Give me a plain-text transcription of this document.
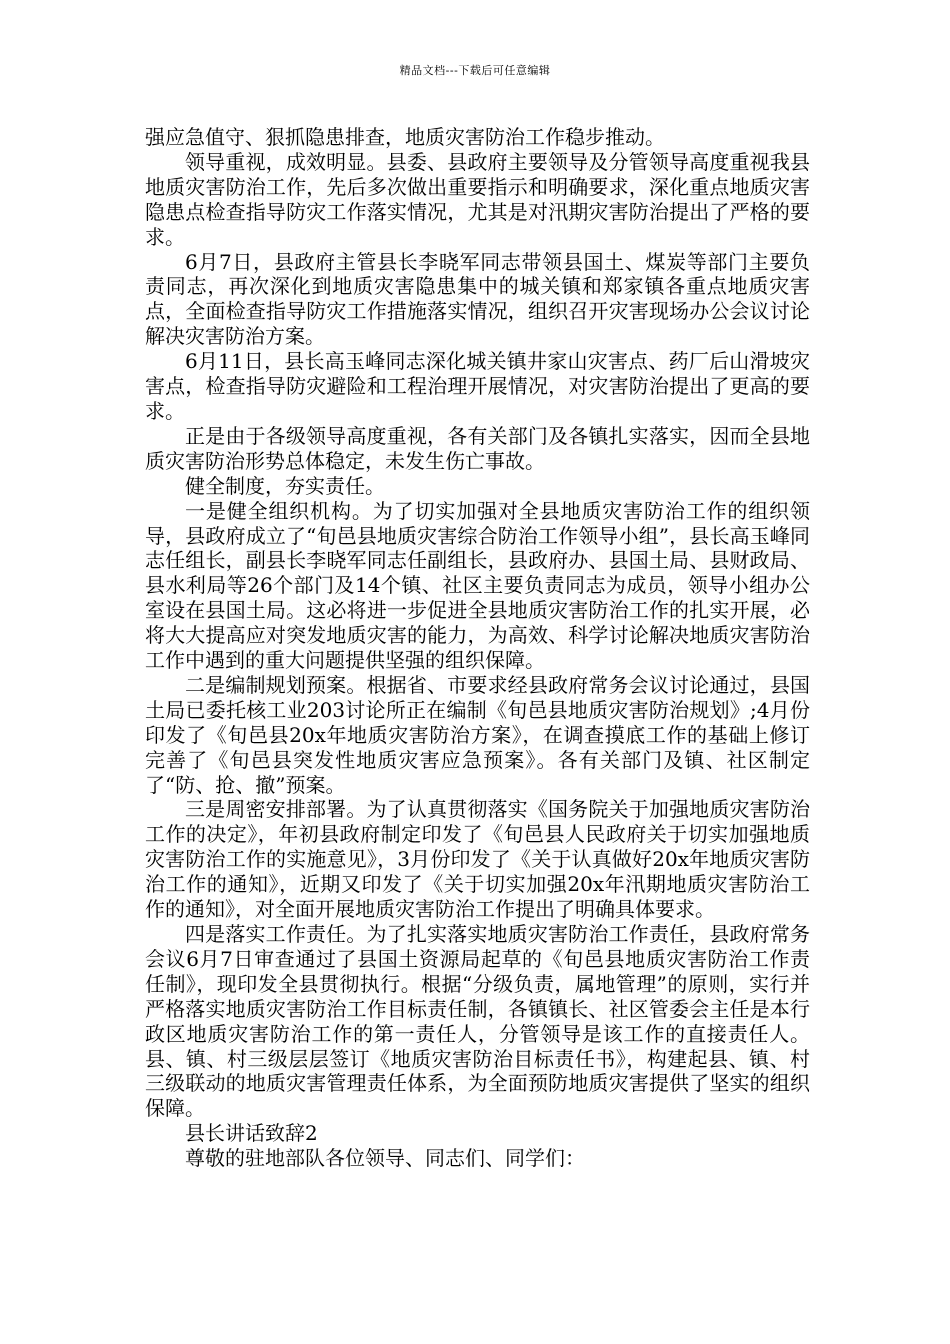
精品文档---下载后可任意编辑

强应急值守、狠抓隐患排查，地质灾害防治工作稳步推动。

领导重视，成效明显。县委、县政府主要领导及分管领导高度重视我县地质灾害防治工作，先后多次做出重要指示和明确要求，深化重点地质灾害隐患点检查指导防灾工作落实情况，尤其是对汛期灾害防治提出了严格的要求。

6月7日，县政府主管县长李晓军同志带领县国土、煤炭等部门主要负责同志，再次深化到地质灾害隐患集中的城关镇和郑家镇各重点地质灾害点，全面检查指导防灾工作措施落实情况，组织召开灾害现场办公会议讨论解决灾害防治方案。

6月11日，县长高玉峰同志深化城关镇井家山灾害点、药厂后山滑坡灾害点，检查指导防灾避险和工程治理开展情况，对灾害防治提出了更高的要求。

正是由于各级领导高度重视，各有关部门及各镇扎实落实，因而全县地质灾害防治形势总体稳定，未发生伤亡事故。

健全制度，夯实责任。

一是健全组织机构。为了切实加强对全县地质灾害防治工作的组织领导，县政府成立了“旬邑县地质灾害综合防治工作领导小组”，县长高玉峰同志任组长，副县长李晓军同志任副组长，县政府办、县国土局、县财政局、县水利局等26个部门及14个镇、社区主要负责同志为成员，领导小组办公室设在县国土局。这必将进一步促进全县地质灾害防治工作的扎实开展，必将大大提高应对突发地质灾害的能力，为高效、科学讨论解决地质灾害防治工作中遇到的重大问题提供坚强的组织保障。

二是编制规划预案。根据省、市要求经县政府常务会议讨论通过，县国土局已委托核工业203讨论所正在编制《旬邑县地质灾害防治规划》;4月份印发了《旬邑县20x年地质灾害防治方案》，在调查摸底工作的基础上修订完善了《旬邑县突发性地质灾害应急预案》。各有关部门及镇、社区制定了“防、抢、撤”预案。

三是周密安排部署。为了认真贯彻落实《国务院关于加强地质灾害防治工作的决定》，年初县政府制定印发了《旬邑县人民政府关于切实加强地质灾害防治工作的实施意见》，3月份印发了《关于认真做好20x年地质灾害防治工作的通知》，近期又印发了《关于切实加强20x年汛期地质灾害防治工作的通知》，对全面开展地质灾害防治工作提出了明确具体要求。

四是落实工作责任。为了扎实落实地质灾害防治工作责任，县政府常务会议6月7日审查通过了县国土资源局起草的《旬邑县地质灾害防治工作责任制》，现印发全县贯彻执行。根据“分级负责，属地管理”的原则，实行并严格落实地质灾害防治工作目标责任制，各镇镇长、社区管委会主任是本行政区地质灾害防治工作的第一责任人，分管领导是该工作的直接责任人。县、镇、村三级层层签订《地质灾害防治目标责任书》，构建起县、镇、村三级联动的地质灾害管理责任体系，为全面预防地质灾害提供了坚实的组织保障。

县长讲话致辞2

尊敬的驻地部队各位领导、同志们、同学们：
